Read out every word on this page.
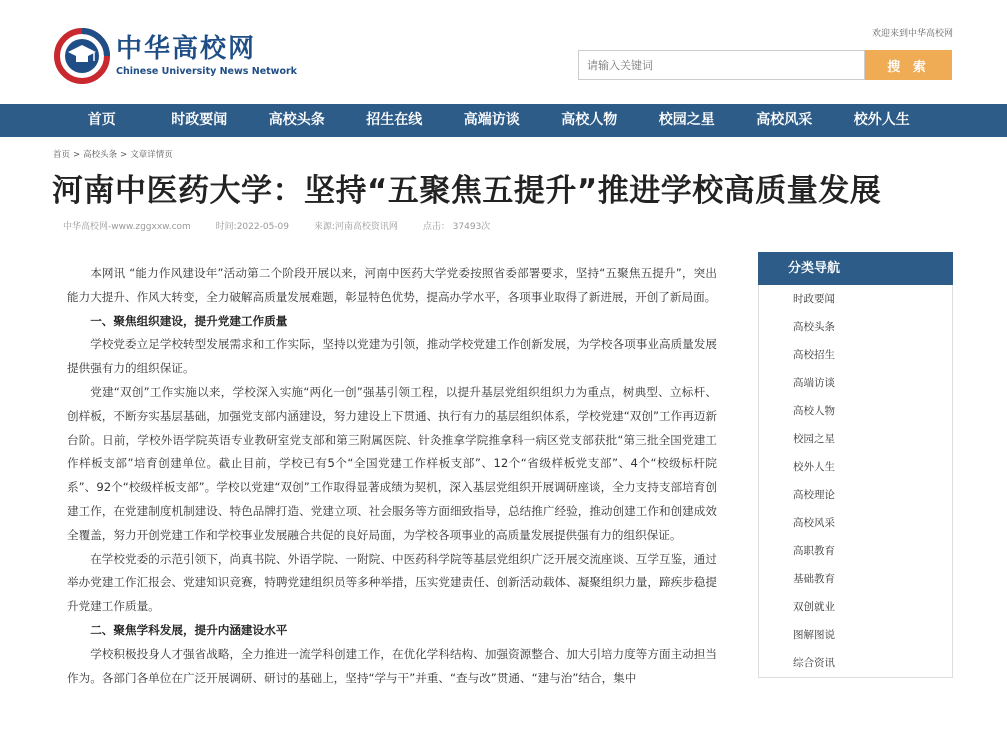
欢迎来到中华高校网
中华高校网
Chinese University News Network
请输入关键词	搜 索
首页	时政要闻	高校头条	招生在线	高端访谈	高校人物	校园之星	高校风采	校外人生
首页 > 高校头条 > 文章详情页
河南中医药大学：坚持“五聚焦五提升”推进学校高质量发展
中华高校网-www.zggxxw.com	时间:2022-05-09	来源:河南高校资讯网	点击： 37493次

本网讯 “能力作风建设年”活动第二个阶段开展以来，河南中医药大学党委按照省委部署要求，坚持“五聚焦五提升”，突出能力大提升、作风大转变，全力破解高质量发展难题，彰显特色优势，提高办学水平，各项事业取得了新进展，开创了新局面。

一、聚焦组织建设，提升党建工作质量

学校党委立足学校转型发展需求和工作实际，坚持以党建为引领，推动学校党建工作创新发展，为学校各项事业高质量发展提供强有力的组织保证。

党建“双创”工作实施以来，学校深入实施“两化一创”强基引领工程，以提升基层党组织组织力为重点，树典型、立标杆、创样板，不断夯实基层基础，加强党支部内涵建设，努力建设上下贯通、执行有力的基层组织体系，学校党建“双创”工作再迈新台阶。日前，学校外语学院英语专业教研室党支部和第三附属医院、针灸推拿学院推拿科一病区党支部获批“第三批全国党建工作样板支部”培育创建单位。截止目前，学校已有5个“全国党建工作样板支部”、12个“省级样板党支部”、4个“校级标杆院系”、92个“校级样板支部”。学校以党建“双创”工作取得显著成绩为契机，深入基层党组织开展调研座谈，全力支持支部培育创建工作，在党建制度机制建设、特色品牌打造、党建立项、社会服务等方面细致指导，总结推广经验，推动创建工作和创建成效全覆盖，努力开创党建工作和学校事业发展融合共促的良好局面，为学校各项事业的高质量发展提供强有力的组织保证。

在学校党委的示范引领下，尚真书院、外语学院、一附院、中医药科学院等基层党组织广泛开展交流座谈、互学互鉴，通过举办党建工作汇报会、党建知识竞赛，特聘党建组织员等多种举措，压实党建责任、创新活动载体、凝聚组织力量，蹄疾步稳提升党建工作质量。

二、聚焦学科发展，提升内涵建设水平

学校积极投身人才强省战略，全力推进一流学科创建工作，在优化学科结构、加强资源整合、加大引培力度等方面主动担当作为。各部门各单位在广泛开展调研、研讨的基础上，坚持“学与干”并重、“查与改”贯通、“建与治”结合，集中

分类导航
时政要闻
高校头条
高校招生
高端访谈
高校人物
校园之星
校外人生
高校理论
高校风采
高职教育
基础教育
双创就业
图解图说
综合资讯
